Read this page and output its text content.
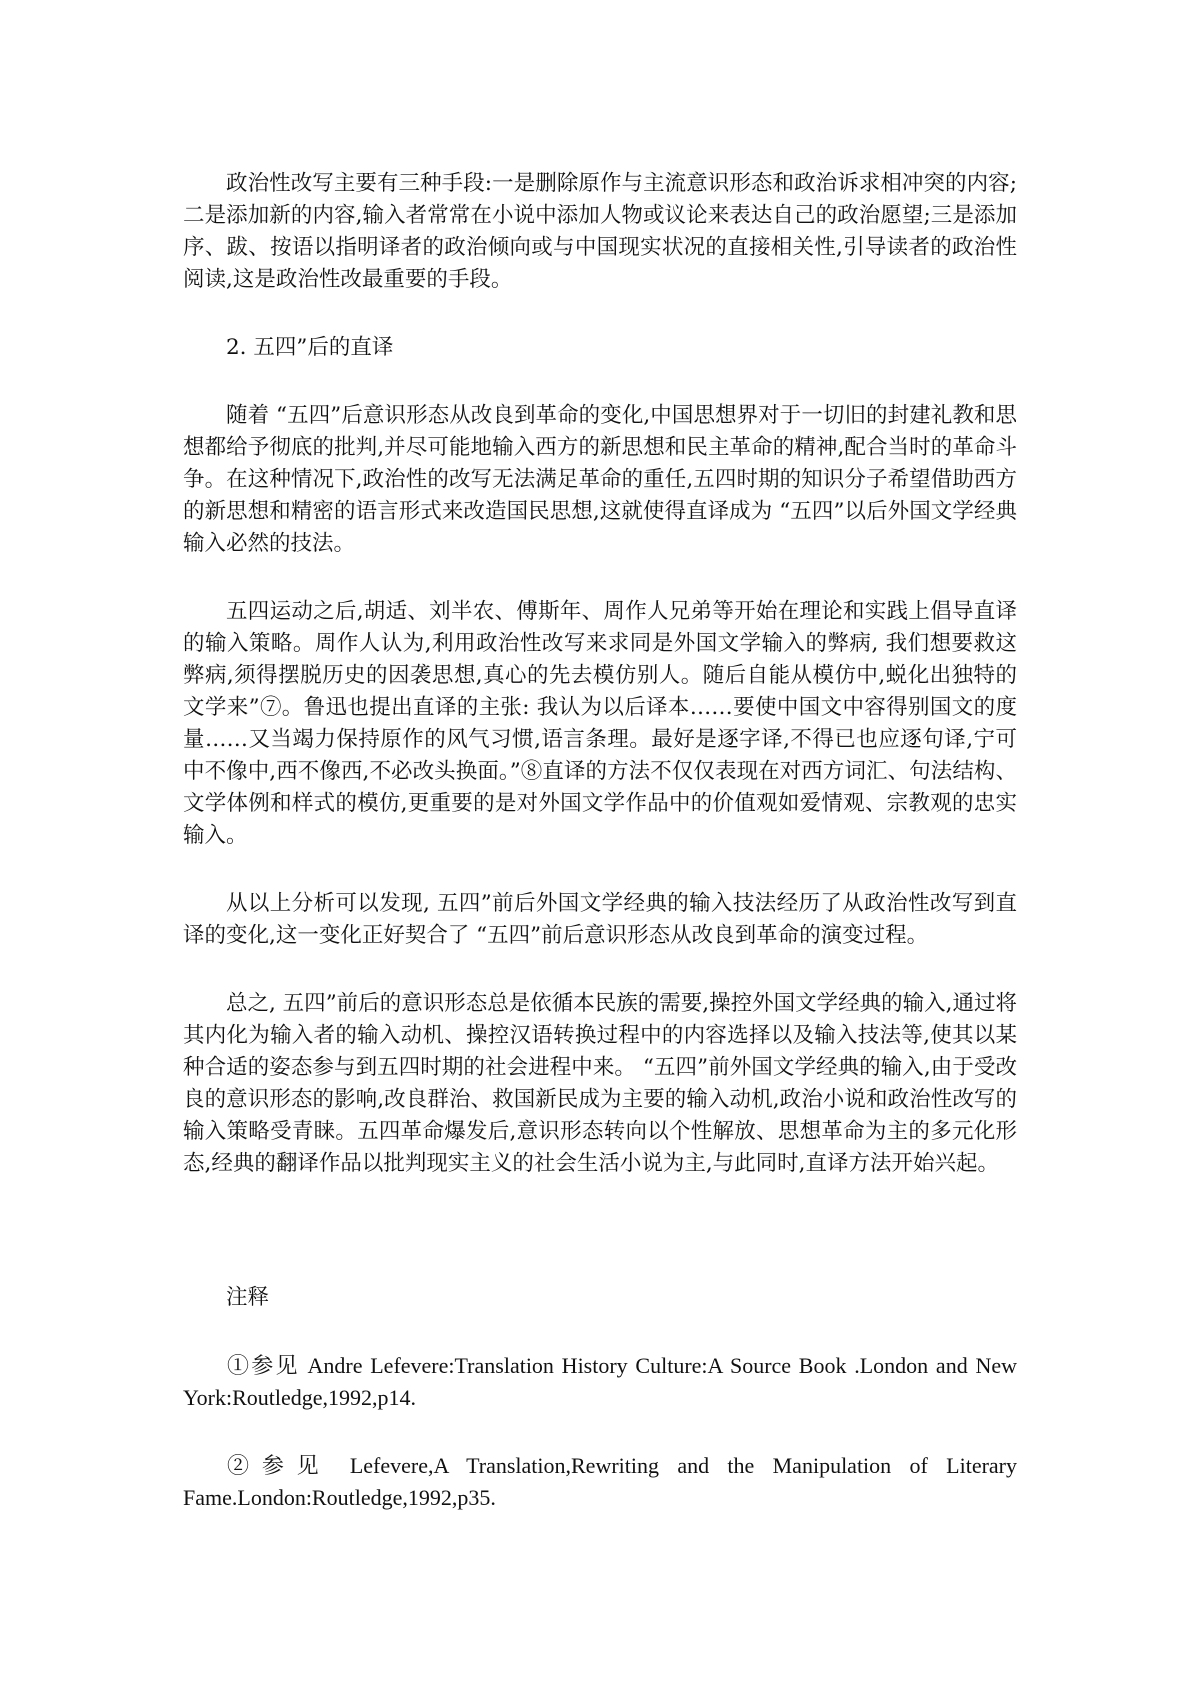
政治性改写主要有三种手段:一是删除原作与主流意识形态和政治诉求相冲突的内容;二是添加新的内容,输入者常常在小说中添加人物或议论来表达自己的政治愿望;三是添加序、跋、按语以指明译者的政治倾向或与中国现实状况的直接相关性,引导读者的政治性阅读,这是政治性改最重要的手段。

2. 五四”后的直译

随着 “五四”后意识形态从改良到革命的变化,中国思想界对于一切旧的封建礼教和思想都给予彻底的批判,并尽可能地输入西方的新思想和民主革命的精神,配合当时的革命斗争。在这种情况下,政治性的改写无法满足革命的重任,五四时期的知识分子希望借助西方的新思想和精密的语言形式来改造国民思想,这就使得直译成为 “五四”以后外国文学经典输入必然的技法。

五四运动之后,胡适、刘半农、傅斯年、周作人兄弟等开始在理论和实践上倡导直译的输入策略。周作人认为,利用政治性改写来求同是外国文学输入的弊病, 我们想要救这弊病,须得摆脱历史的因袭思想,真心的先去模仿别人。随后自能从模仿中,蜕化出独特的文学来”⑦。鲁迅也提出直译的主张: 我认为以后译本……要使中国文中容得别国文的度量……又当竭力保持原作的风气习惯,语言条理。最好是逐字译,不得已也应逐句译,宁可中不像中,西不像西,不必改头换面。”⑧直译的方法不仅仅表现在对西方词汇、句法结构、文学体例和样式的模仿,更重要的是对外国文学作品中的价值观如爱情观、宗教观的忠实输入。

从以上分析可以发现, 五四”前后外国文学经典的输入技法经历了从政治性改写到直译的变化,这一变化正好契合了 “五四”前后意识形态从改良到革命的演变过程。

总之, 五四”前后的意识形态总是依循本民族的需要,操控外国文学经典的输入,通过将其内化为输入者的输入动机、操控汉语转换过程中的内容选择以及输入技法等,使其以某种合适的姿态参与到五四时期的社会进程中来。 “五四”前外国文学经典的输入,由于受改良的意识形态的影响,改良群治、救国新民成为主要的输入动机,政治小说和政治性改写的输入策略受青睐。五四革命爆发后,意识形态转向以个性解放、思想革命为主的多元化形态,经典的翻译作品以批判现实主义的社会生活小说为主,与此同时,直译方法开始兴起。

注释

①参见 Andre Lefevere:Translation History Culture:A Source Book .London and New York:Routledge,1992,p14.

②参见 Lefevere,A Translation,Rewriting and the Manipulation of Literary Fame.London:Routledge,1992,p35.
